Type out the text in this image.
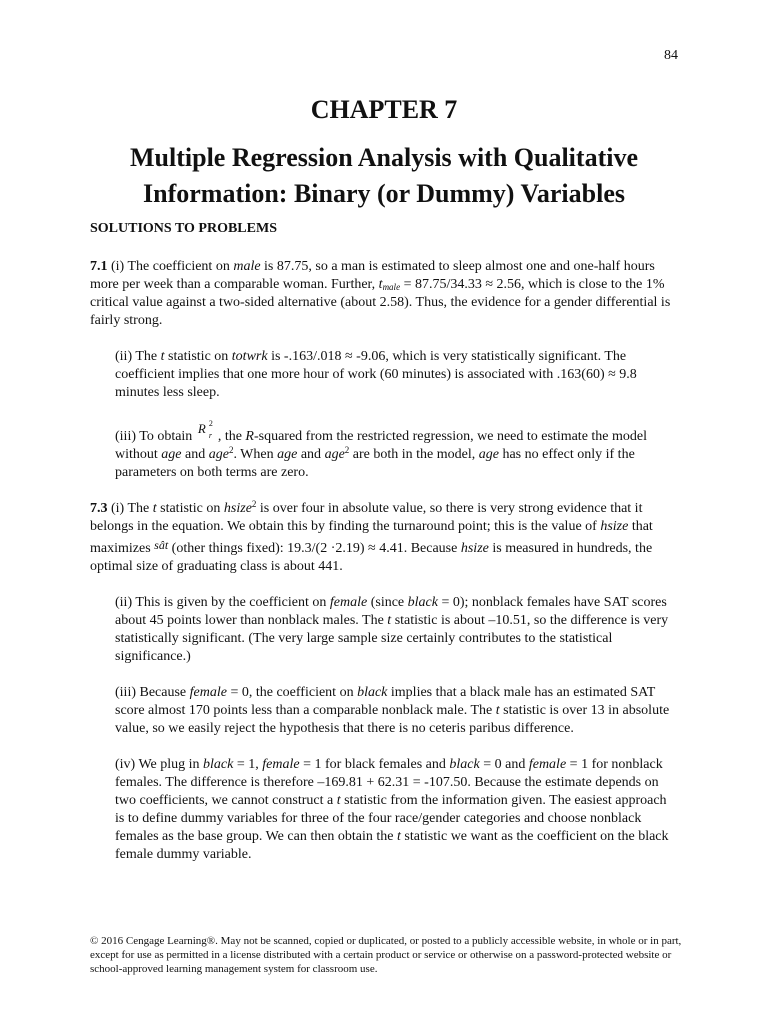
84
CHAPTER 7
Multiple Regression Analysis with Qualitative
Information: Binary (or Dummy) Variables
SOLUTIONS TO PROBLEMS

7.1 (i) The coefficient on male is 87.75, so a man is estimated to sleep almost one and one-half hours more per week than a comparable woman. Further, $t_{male} = 87.75/34.33 \approx 2.56$, which is close to the 1% critical value against a two-sided alternative (about 2.58). Thus, the evidence for a gender differential is fairly strong.

(ii) The t statistic on totwrk is -.163/.018 ≈ -9.06, which is very statistically significant. The coefficient implies that one more hour of work (60 minutes) is associated with .163(60) ≈ 9.8 minutes less sleep.

(iii) To obtain
R 2
r , the R-squared from the restricted regression, we need to estimate the model without age and age$^2$. When age and age$^2$ are both in the model, age has no effect only if the parameters on both terms are zero.

7.3 (i) The t statistic on hsize$^2$ is over four in absolute value, so there is very strong evidence that it belongs in the equation. We obtain this by finding the turnaround point; this is the value of hsize that maximizes sât (other things fixed): 19.3/(2 ·2.19) ≈ 4.41. Because hsize is measured in hundreds, the optimal size of graduating class is about 441.

(ii) This is given by the coefficient on female (since black = 0); nonblack females have SAT scores about 45 points lower than nonblack males. The t statistic is about –10.51, so the difference is very statistically significant. (The very large sample size certainly contributes to the statistical significance.)

(iii) Because female = 0, the coefficient on black implies that a black male has an estimated SAT score almost 170 points less than a comparable nonblack male. The t statistic is over 13 in absolute value, so we easily reject the hypothesis that there is no ceteris paribus difference.

(iv) We plug in black = 1, female = 1 for black females and black = 0 and female = 1 for nonblack females. The difference is therefore –169.81 + 62.31 = -107.50. Because the estimate depends on two coefficients, we cannot construct a t statistic from the information given. The easiest approach is to define dummy variables for three of the four race/gender categories and choose nonblack females as the base group. We can then obtain the t statistic we want as the coefficient on the black female dummy variable.

© 2016 Cengage Learning®. May not be scanned, copied or duplicated, or posted to a publicly accessible website, in whole or in part, except for use as permitted in a license distributed with a certain product or service or otherwise on a password-protected website or school-approved learning management system for classroom use.
